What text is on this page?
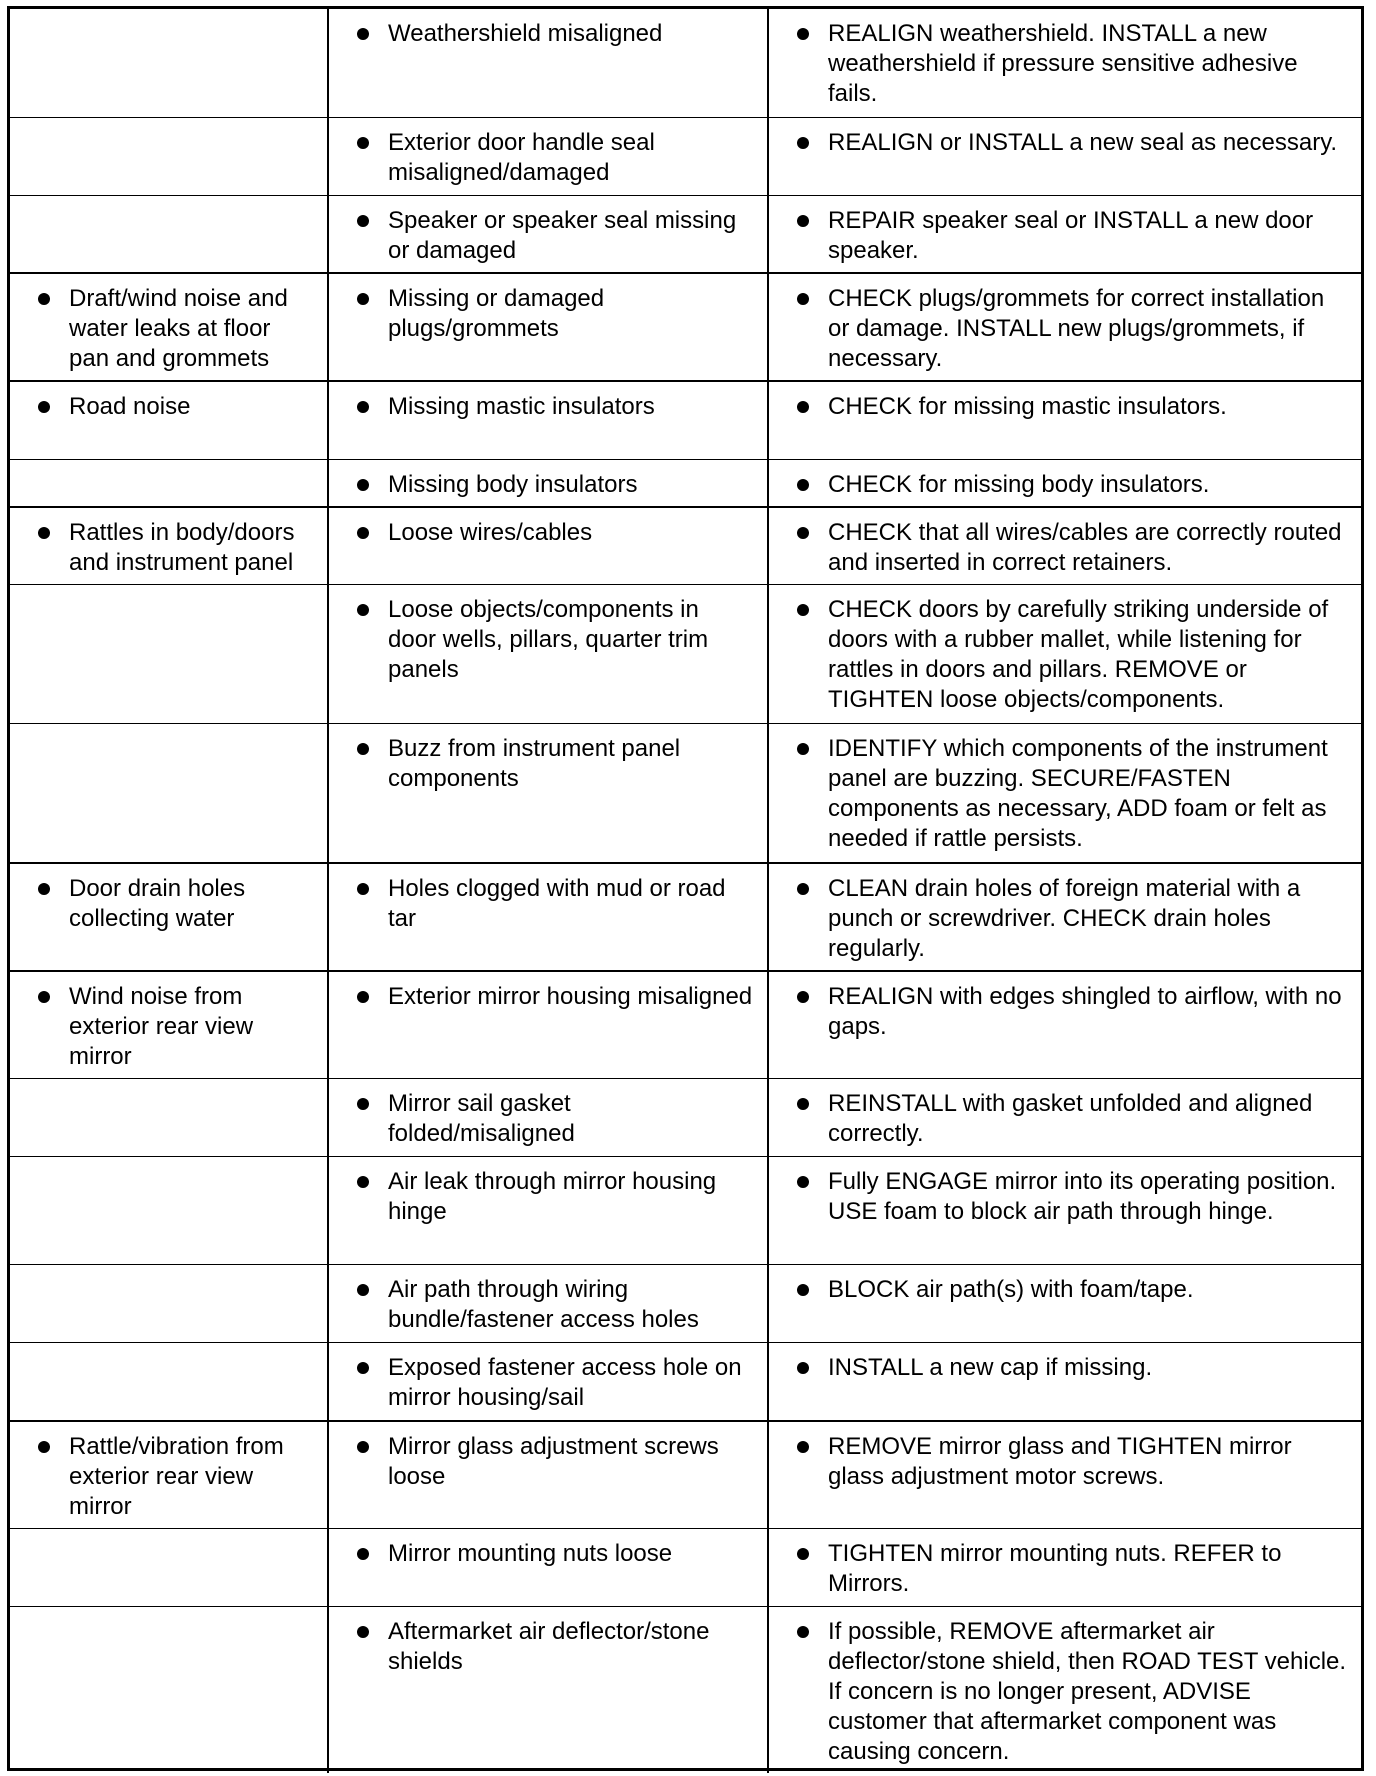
	Weathershield misaligned	REALIGN weathershield. INSTALL a new weathershield if pressure sensitive adhesive fails.

	Exterior door handle seal misaligned/damaged	REALIGN or INSTALL a new seal as necessary.

	Speaker or speaker seal missing or damaged	REPAIR speaker seal or INSTALL a new door speaker.

Draft/wind noise and water leaks at floor pan and grommets	Missing or damaged plugs/grommets	CHECK plugs/grommets for correct installation or damage. INSTALL new plugs/grommets, if necessary.

Road noise	Missing mastic insulators	CHECK for missing mastic insulators.

	Missing body insulators	CHECK for missing body insulators.

Rattles in body/doors and instrument panel	Loose wires/cables	CHECK that all wires/cables are correctly routed and inserted in correct retainers.

	Loose objects/components in door wells, pillars, quarter trim panels	CHECK doors by carefully striking underside of doors with a rubber mallet, while listening for rattles in doors and pillars. REMOVE or TIGHTEN loose objects/components.

	Buzz from instrument panel components	IDENTIFY which components of the instrument panel are buzzing. SECURE/FASTEN components as necessary, ADD foam or felt as needed if rattle persists.

Door drain holes collecting water	Holes clogged with mud or road tar	CLEAN drain holes of foreign material with a punch or screwdriver. CHECK drain holes regularly.

Wind noise from exterior rear view mirror	Exterior mirror housing misaligned	REALIGN with edges shingled to airflow, with no gaps.

	Mirror sail gasket folded/misaligned	REINSTALL with gasket unfolded and aligned correctly.

	Air leak through mirror housing hinge	Fully ENGAGE mirror into its operating position. USE foam to block air path through hinge.

	Air path through wiring bundle/fastener access holes	BLOCK air path(s) with foam/tape.

	Exposed fastener access hole on mirror housing/sail	INSTALL a new cap if missing.

Rattle/vibration from exterior rear view mirror	Mirror glass adjustment screws loose	REMOVE mirror glass and TIGHTEN mirror glass adjustment motor screws.

	Mirror mounting nuts loose	TIGHTEN mirror mounting nuts. REFER to Mirrors.

	Aftermarket air deflector/stone shields	If possible, REMOVE aftermarket air deflector/stone shield, then ROAD TEST vehicle. If concern is no longer present, ADVISE customer that aftermarket component was causing concern.
